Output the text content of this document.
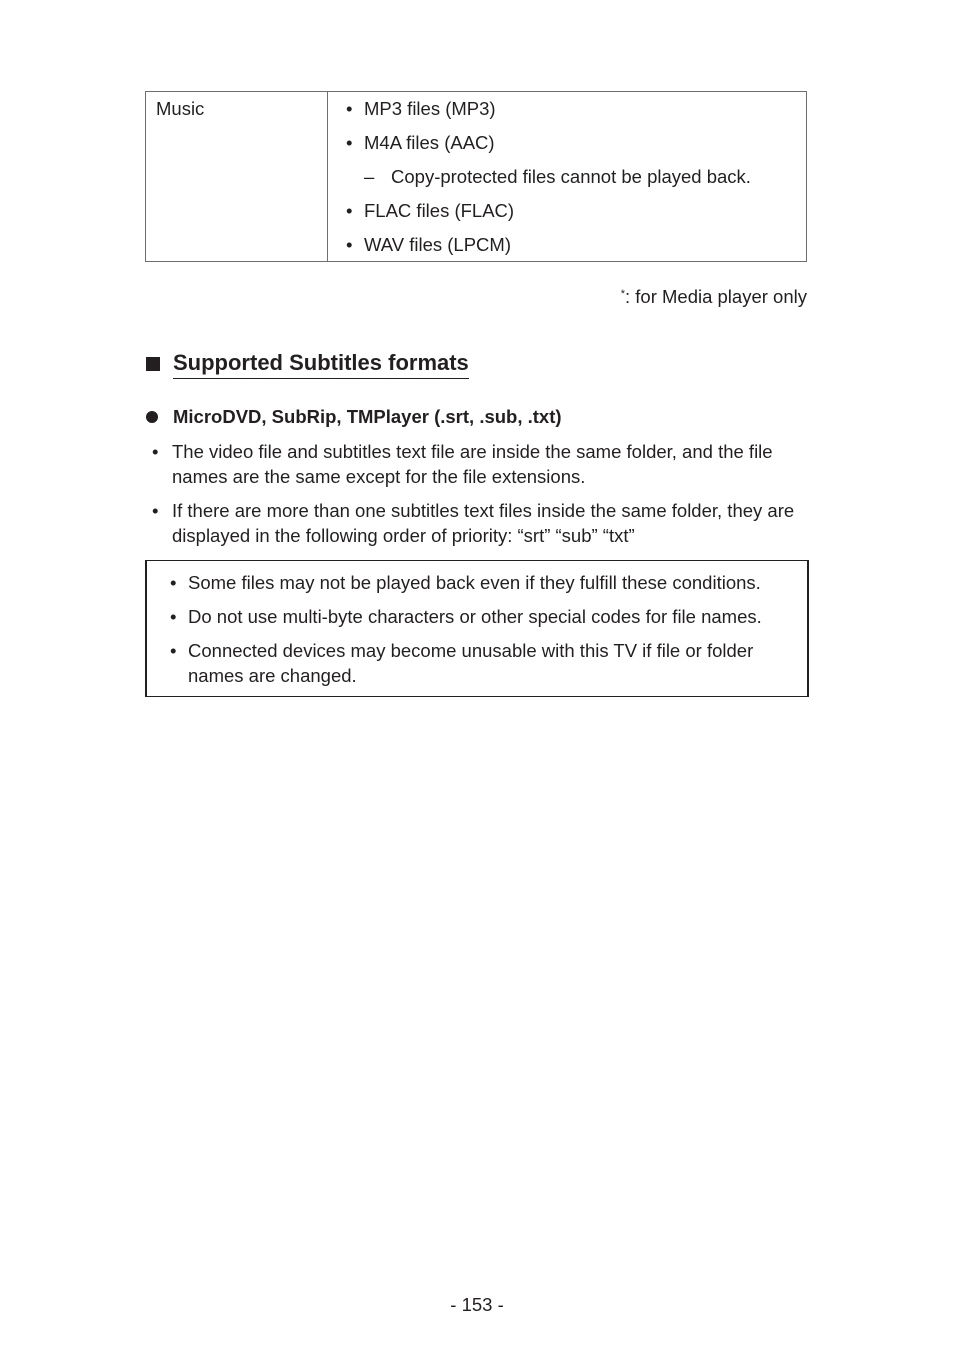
Music	• MP3 files (MP3)
• M4A files (AAC)
– Copy-protected files cannot be played back.
• FLAC files (FLAC)
• WAV files (LPCM)
*: for Media player only
Supported Subtitles formats
MicroDVD, SubRip, TMPlayer (.srt, .sub, .txt)
• The video file and subtitles text file are inside the same folder, and the file names are the same except for the file extensions.
• If there are more than one subtitles text files inside the same folder, they are displayed in the following order of priority: “srt” “sub” “txt”
• Some files may not be played back even if they fulfill these conditions.
• Do not use multi-byte characters or other special codes for file names.
• Connected devices may become unusable with this TV if file or folder names are changed.
- 153 -
